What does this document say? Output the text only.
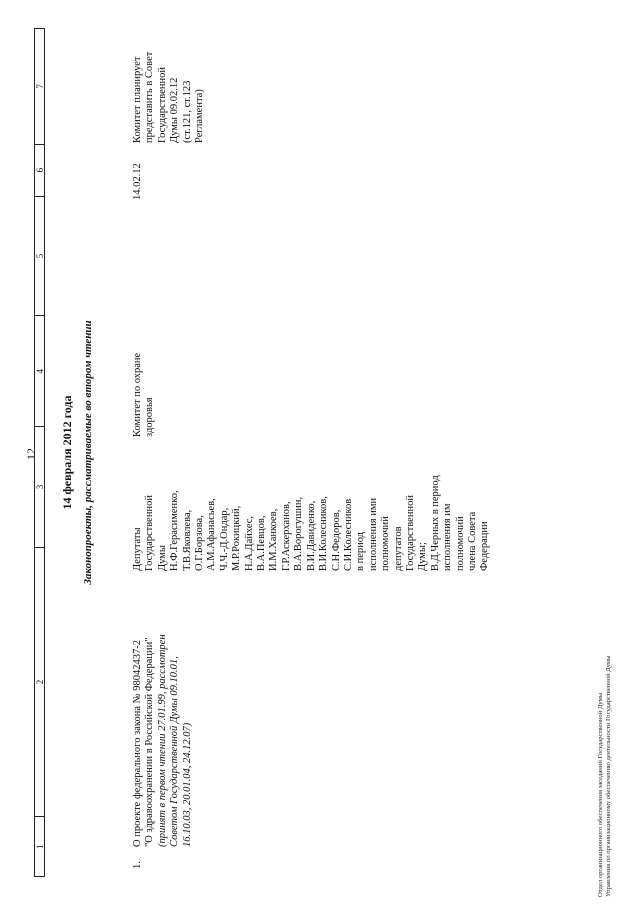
12
1
2
3
4
5
6
7
14 февраля 2012 года Законопроекты, рассматриваемые во втором чтении
1.
О проекте федерального закона № 98042437-2
"О здравоохранении в Российской Федерации"
(принят в первом чтении 27.01.99, рассмотрен
Советом Государственной Думы 09.10.01,
16.10.03, 20.01.04, 24.12.07)
Депутаты
Государственной
Думы
Н.Ф.Герасименко,
Т.В.Яковлева,
О.Г.Борзова,
А.М.Афанасьев,
Ч.Ч.-Д.Ондар,
М.Р.Рокицкий,
Н.А.Дайхес,
В.А.Певцов,
И.М.Ханкоев,
Г.Р.Аскерханов,
В.А.Ворогушин,
В.И.Давиденко,
В.И.Колесников,
С.Н.Федоров,
С.И.Колесников
в период
исполнения ими
полномочий
депутатов
Государственной
Думы;
В.Д.Черных в период
исполнения им
полномочий
члена Совета
Федерации
Комитет по охране
здоровья
14.02.12
Комитет планирует
представить в Совет
Государственной
Думы 09.02.12
(ст.121, ст.123
Регламента)
Отдел организационного обеспечения заседаний Государственной Думы Управления по организационному обеспечению деятельности Государственной Думы
